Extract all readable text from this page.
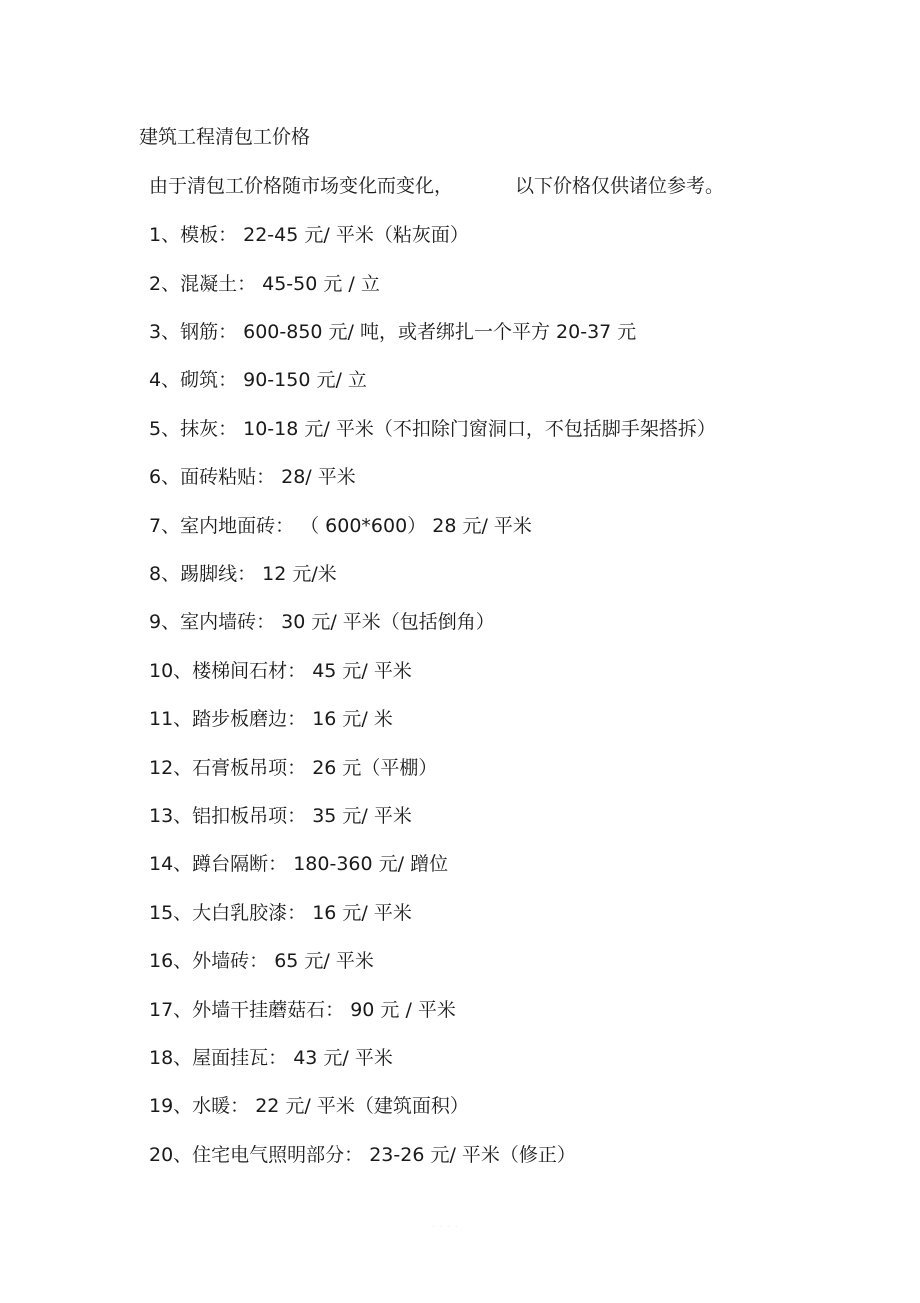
建筑工程清包工价格
由于清包工价格随市场变化而变化，	以下价格仅供诸位参考。
1、模板： 22-45 元/ 平米（粘灰面）
2、混凝土： 45-50 元 / 立
3、钢筋： 600-850 元/ 吨，或者绑扎一个平方 20-37 元
4、砌筑： 90-150 元/ 立
5、抹灰： 10-18 元/ 平米（不扣除门窗洞口，不包括脚手架搭拆）
6、面砖粘贴： 28/ 平米
7、室内地面砖： （ 600*600） 28 元/ 平米
8、踢脚线： 12 元/米
9、室内墙砖： 30 元/ 平米（包括倒角）
10、楼梯间石材： 45 元/ 平米
11、踏步板磨边： 16 元/ 米
12、石膏板吊项： 26 元（平棚）
13、铝扣板吊项： 35 元/ 平米
14、蹲台隔断： 180-360 元/ 蹭位
15、大白乳胶漆： 16 元/ 平米
16、外墙砖： 65 元/ 平米
17、外墙干挂蘑菇石： 90 元 / 平米
18、屋面挂瓦： 43 元/ 平米
19、水暖： 22 元/ 平米（建筑面积）
20、住宅电气照明部分： 23-26 元/ 平米（修正）
....
